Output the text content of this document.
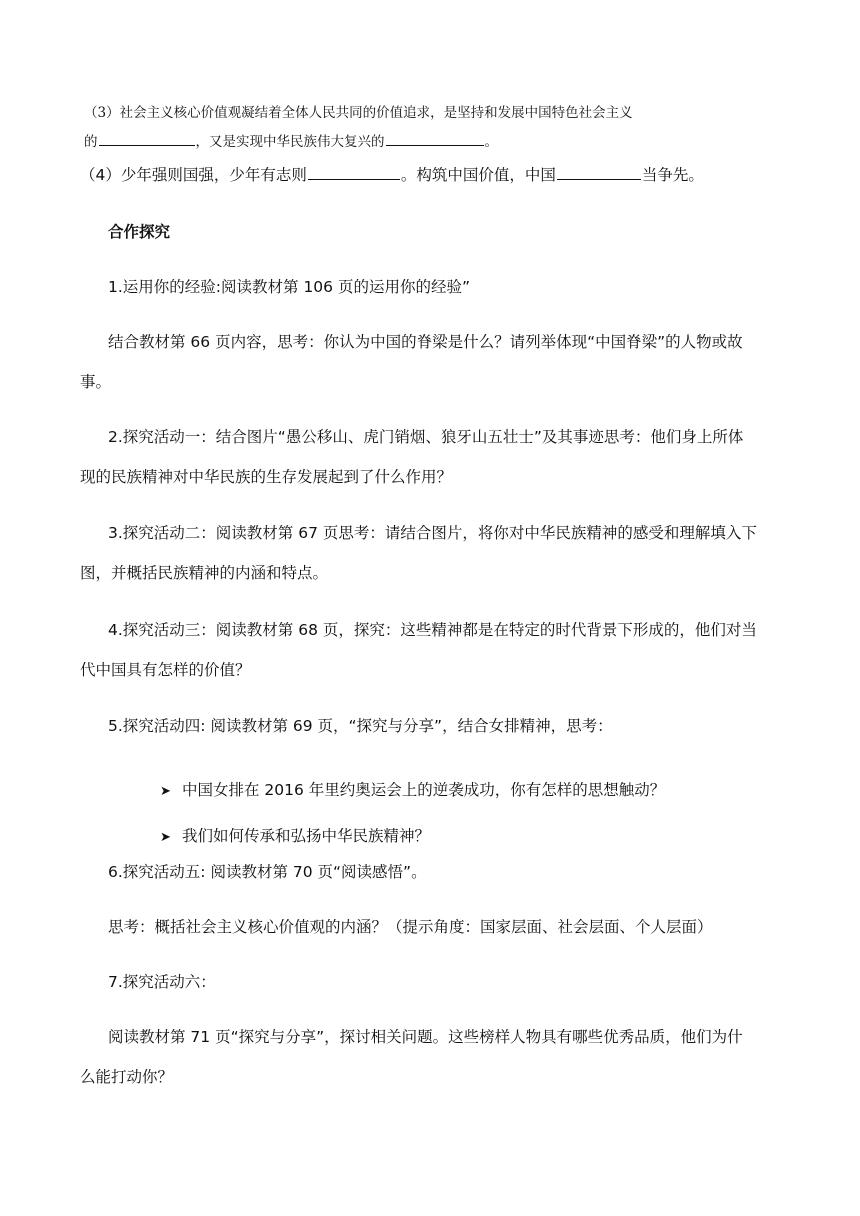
（3）社会主义核心价值观凝结着全体人民共同的价值追求，是坚持和发展中国特色社会主义
的	，又是实现中华民族伟大复兴的	。
（4）少年强则国强，少年有志则	。构筑中国价值，中国	当争先。
合作探究
1.运用你的经验:阅读教材第 106 页的运用你的经验”
结合教材第 66 页内容，思考：你认为中国的脊梁是什么？请列举体现“中国脊梁”的人物或故
事。
2.探究活动一：结合图片“愚公移山、虎门销烟、狼牙山五壮士”及其事迹思考：他们身上所体
现的民族精神对中华民族的生存发展起到了什么作用？
3.探究活动二：阅读教材第 67 页思考：请结合图片，将你对中华民族精神的感受和理解填入下
图，并概括民族精神的内涵和特点。
4.探究活动三：阅读教材第 68 页，探究：这些精神都是在特定的时代背景下形成的，他们对当
代中国具有怎样的价值？
5.探究活动四: 阅读教材第 69 页，“探究与分享”，结合女排精神，思考：
➤ 中国女排在 2016 年里约奥运会上的逆袭成功，你有怎样的思想触动？
➤ 我们如何传承和弘扬中华民族精神？
6.探究活动五: 阅读教材第 70 页“阅读感悟”。
思考：概括社会主义核心价值观的内涵？（提示角度：国家层面、社会层面、个人层面）
7.探究活动六：
阅读教材第 71 页“探究与分享”，探讨相关问题。这些榜样人物具有哪些优秀品质，他们为什
么能打动你？
